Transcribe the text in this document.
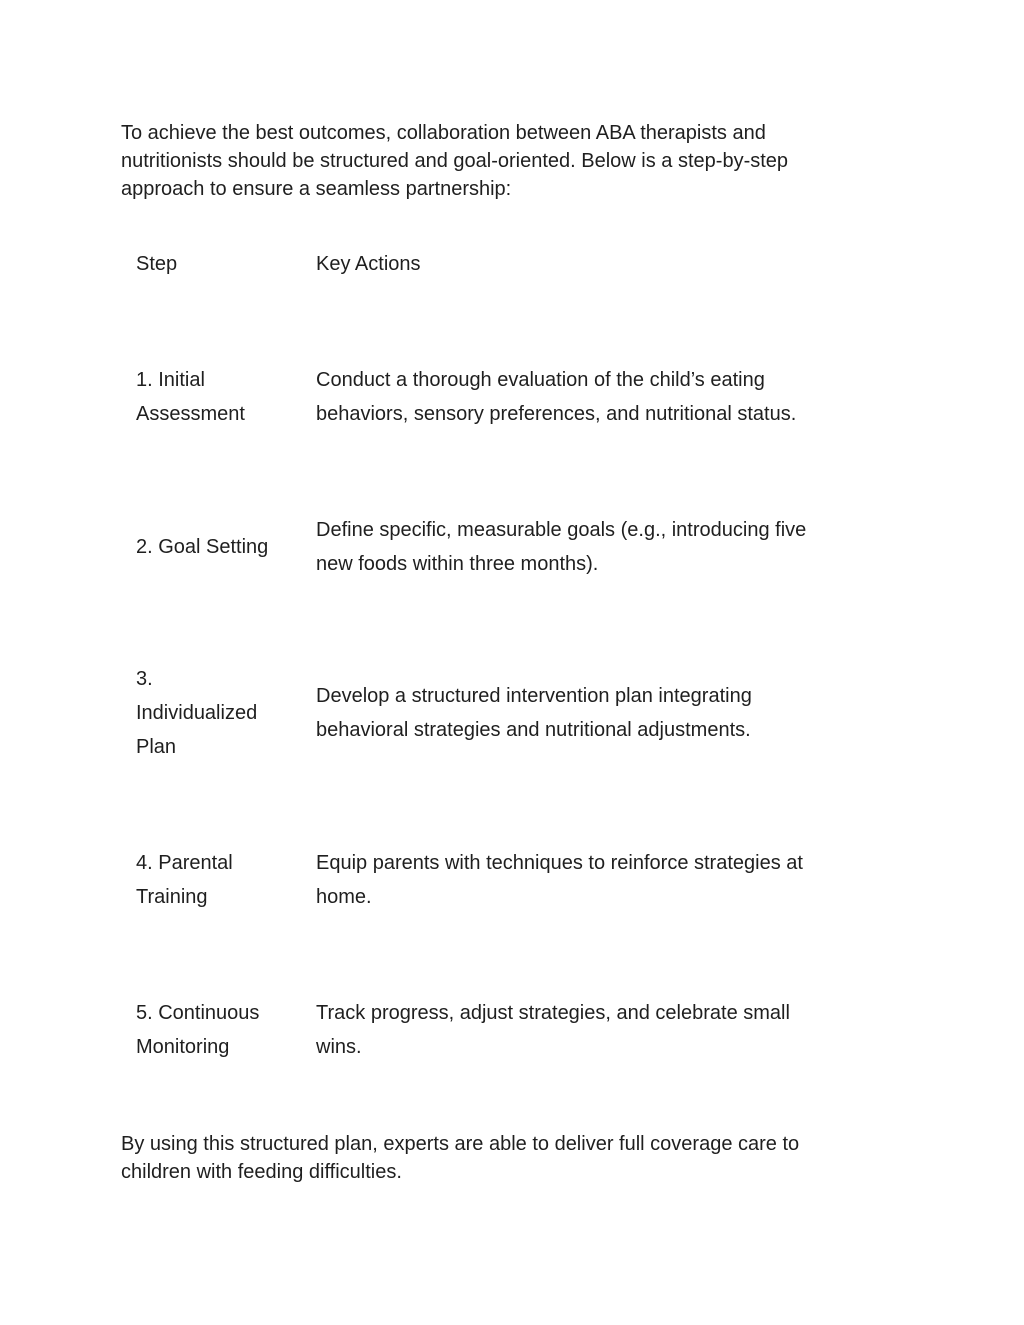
To achieve the best outcomes, collaboration between ABA therapists and
nutritionists should be structured and goal-oriented. Below is a step-by-step
approach to ensure a seamless partnership:

Step	Key Actions

1. Initial
Assessment

Conduct a thorough evaluation of the child’s eating
behaviors, sensory preferences, and nutritional status.

2. Goal Setting

Define specific, measurable goals (e.g., introducing five
new foods within three months).

3.
Individualized
Plan

Develop a structured intervention plan integrating
behavioral strategies and nutritional adjustments.

4. Parental
Training

Equip parents with techniques to reinforce strategies at
home.

5. Continuous
Monitoring

Track progress, adjust strategies, and celebrate small
wins.

By using this structured plan, experts are able to deliver full coverage care to
children with feeding difficulties.
